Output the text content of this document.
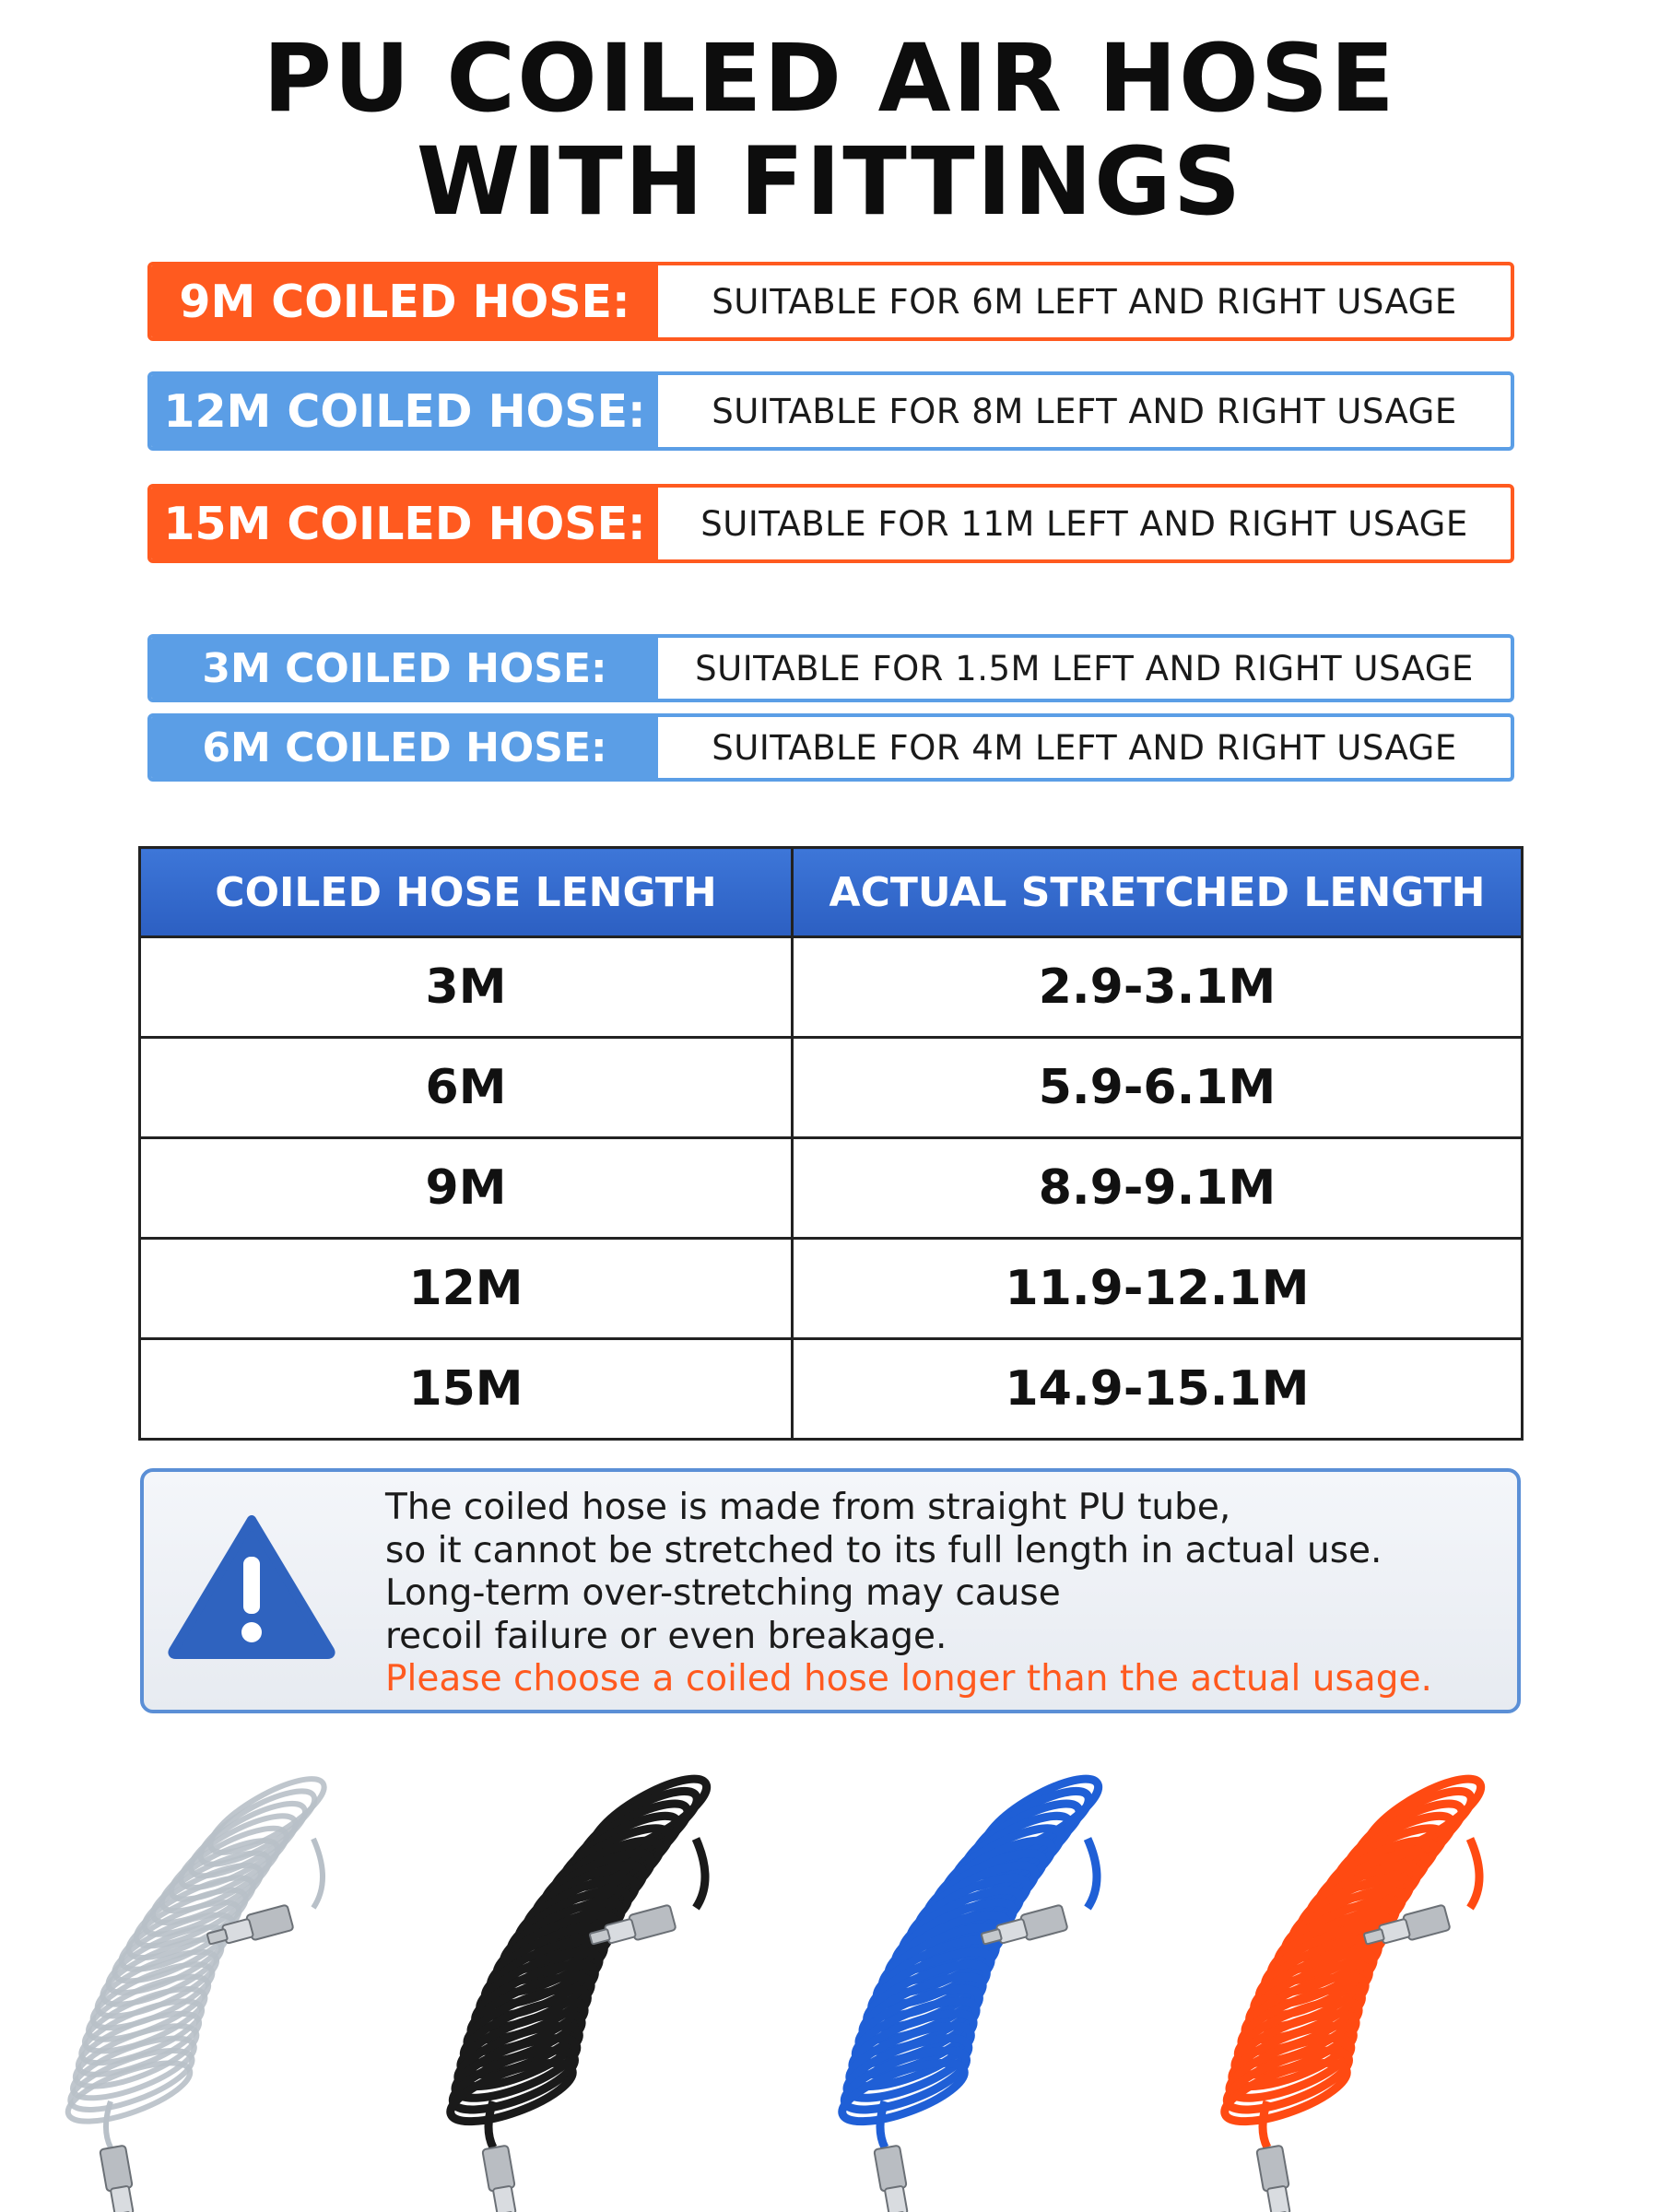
PU COILED AIR HOSE
WITH FITTINGS
9M COILED HOSE:	SUITABLE FOR 6M LEFT AND RIGHT USAGE
12M COILED HOSE:	SUITABLE FOR 8M LEFT AND RIGHT USAGE
15M COILED HOSE:	SUITABLE FOR 11M LEFT AND RIGHT USAGE
3M COILED HOSE:	SUITABLE FOR 1.5M LEFT AND RIGHT USAGE
6M COILED HOSE:	SUITABLE FOR 4M LEFT AND RIGHT USAGE
COILED HOSE LENGTH	ACTUAL STRETCHED LENGTH
3M	2.9-3.1M
6M	5.9-6.1M
9M	8.9-9.1M
12M	11.9-12.1M
15M	14.9-15.1M
The coiled hose is made from straight PU tube,
so it cannot be stretched to its full length in actual use.
Long-term over-stretching may cause
recoil failure or even breakage.
Please choose a coiled hose longer than the actual usage.
